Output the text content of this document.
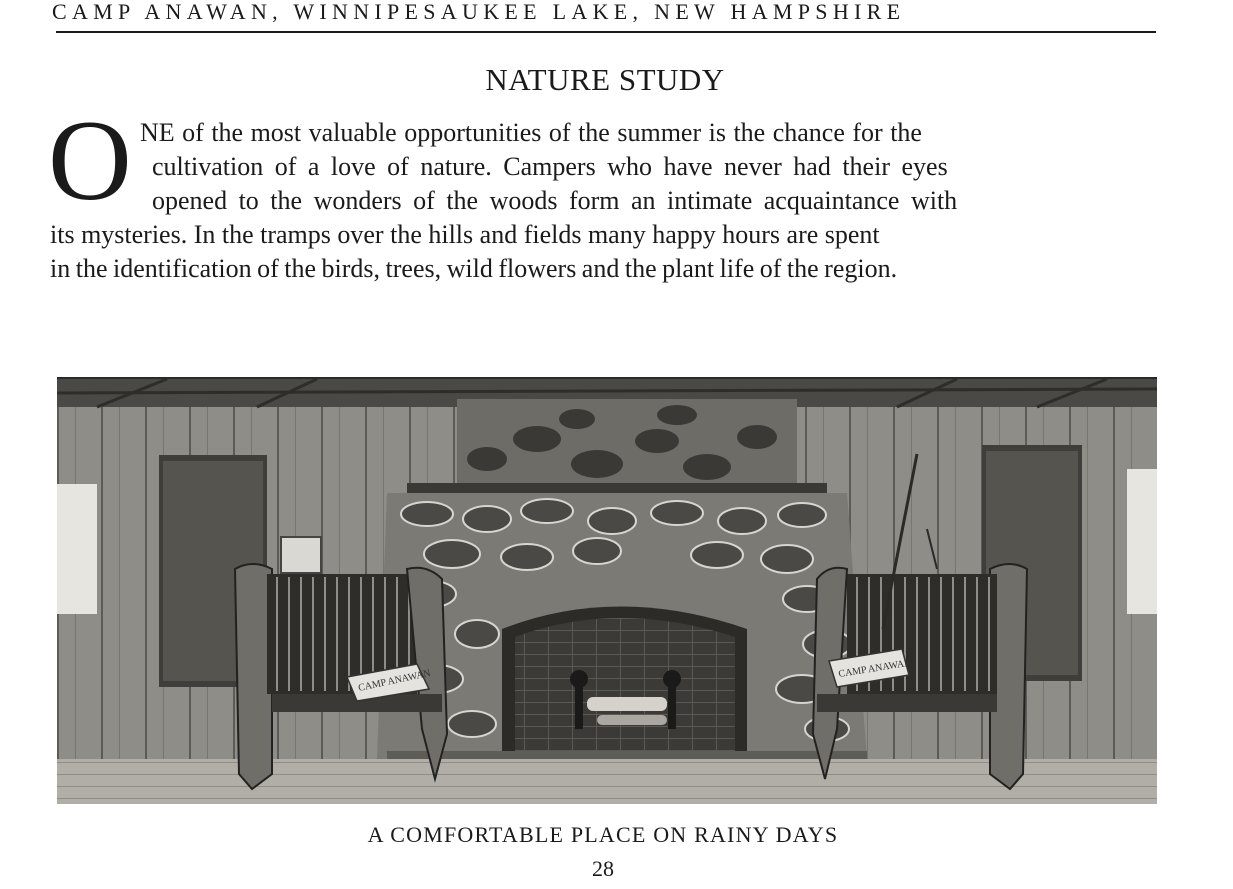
CAMP ANAWAN, WINNIPESAUKEE LAKE, NEW HAMPSHIRE
NATURE STUDY
O NE of the most valuable opportunities of the summer is the chance for the
cultivation of a love of nature. Campers who have never had their eyes
opened to the wonders of the woods form an intimate acquaintance with
its mysteries. In the tramps over the hills and fields many happy hours are spent
in the identification of the birds, trees, wild flowers and the plant life of the region.
CAMP ANAWAN	CAMP ANAWAN
A COMFORTABLE PLACE ON RAINY DAYS
28
